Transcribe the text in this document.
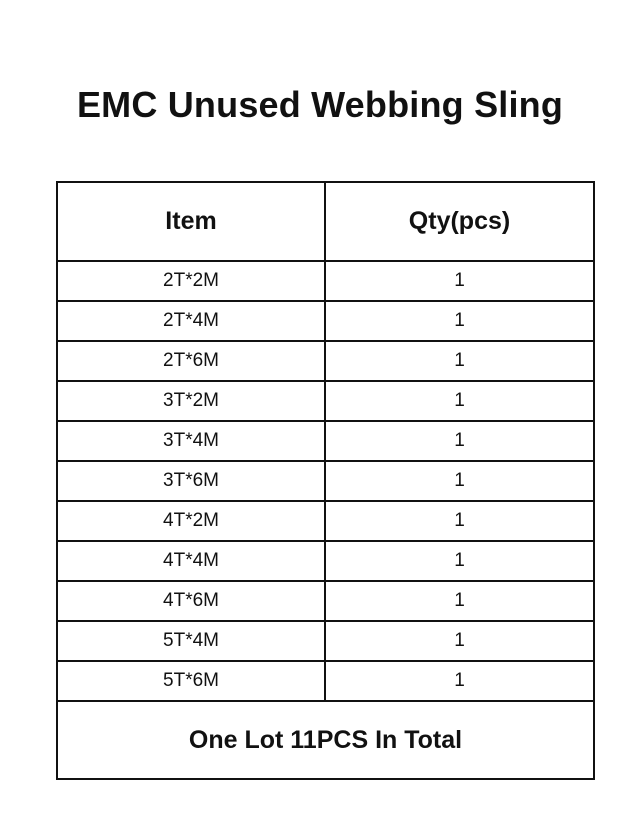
EMC Unused Webbing Sling
Item	Qty(pcs)
2T*2M	1
2T*4M	1
2T*6M	1
3T*2M	1
3T*4M	1
3T*6M	1
4T*2M	1
4T*4M	1
4T*6M	1
5T*4M	1
5T*6M	1
One Lot 11PCS In Total	
